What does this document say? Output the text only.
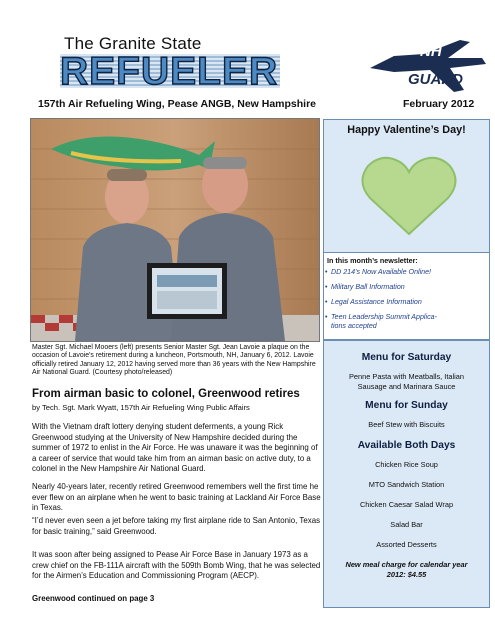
The Granite State
REFUELER	NH
AIR NATIONAL
GUARD
157th Air Refueling Wing, Pease ANGB, New Hampshire	February 2012
Master Sgt. Michael Mooers (left) presents Senior Master Sgt. Jean Lavoie a plaque on the occasion of Lavoie's retirement during a luncheon, Portsmouth, NH, January 6, 2012. Lavoie officially retired January 12, 2012 having served more than 36 years with the New Hampshire Air National Guard. (Courtesy photo/released)
From airman basic to colonel, Greenwood retires
by Tech. Sgt. Mark Wyatt, 157th Air Refueling Wing Public Affairs

With the Vietnam draft lottery denying student deferments, a young Rick Greenwood studying at the University of New Hampshire decided during the summer of 1972 to enlist in the Air Force. He was unaware it was the beginning of a career of service that would take him from an airman basic on active duty, to a colonel in the New Hampshire Air National Guard.

Nearly 40-years later, recently retired Greenwood remembers well the first time he ever flew on an airplane when he went to basic training at Lackland Air Force Base in Texas.

“I’d never even seen a jet before taking my first airplane ride to San Antonio, Texas for basic training,” said Greenwood.

It was soon after being assigned to Pease Air Force Base in January 1973 as a crew chief on the FB-111A aircraft with the 509th Bomb Wing, that he was selected for the Airmen’s Education and Commissioning Program (AECP).

Greenwood continued on page 3
Happy Valentine’s Day!
In this month’s newsletter:
• DD 214’s Now Available Online!
• Military Ball Information
• Legal Assistance Information
• Teen Leadership Summit Applica-
tions accepted
Menu for Saturday
Penne Pasta with Meatballs, Italian
Sausage and Marinara Sauce
Menu for Sunday
Beef Stew with Biscuits
Available Both Days
Chicken Rice Soup
MTO Sandwich Station
Chicken Caesar Salad Wrap
Salad Bar
Assorted Desserts
New meal charge for calendar year
2012: $4.55
